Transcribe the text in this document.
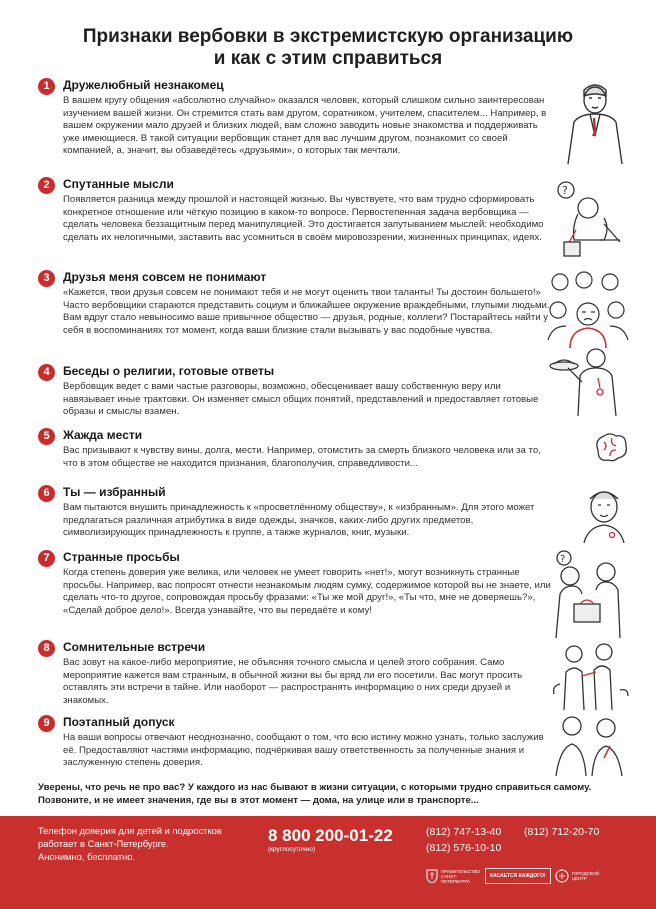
Признаки вербовки в экстремистскую организацию
и как с этим справиться
1	Дружелюбный незнакомец
В вашем кругу общения «абсолютно случайно» оказался человек, который слишком сильно заинтересован изучением вашей жизни. Он стремится стать вам другом, соратником, учителем, спасителем... Например, в вашем окружении мало друзей и близких людей, вам сложно заводить новые знакомства и поддерживать уже имеющиеся. В такой ситуации вербовщик станет для вас лучшим другом, познакомит со своей компанией, а, значит, вы обзаведётесь «друзьями», о которых так мечтали.
2	Спутанные мысли
Появляется разница между прошлой и настоящей жизнью. Вы чувствуете, что вам трудно сформировать конкретное отношение или чёткую позицию в каком-то вопросе. Первостепенная задача вербовщика — сделать человека беззащитным перед манипуляцией. Это достигается запутыванием мыслей: необходимо сделать их нелогичными, заставить вас усомниться в своём мировоззрении, жизненных принципах, идеях.
3	Друзья меня совсем не понимают
«Кажется, твои друзья совсем не понимают тебя и не могут оценить твои таланты! Ты достоин большего!» Часто вербовщики стараются представить социум и ближайшее окружение враждебными, глупыми людьми. Вам вдруг стало невыносимо ваше привычное общество — друзья, родные, коллеги? Постарайтесь найти у себя в воспоминаниях тот момент, когда ваши близкие стали вызывать у вас подобные чувства.
4	Беседы о религии, готовые ответы
Вербовщик ведет с вами частые разговоры, возможно, обесценивает вашу собственную веру или навязывает иные трактовки. Он изменяет смысл общих понятий, представлений и предоставляет готовые образы и смыслы взамен.
5	Жажда мести
Вас призывают к чувству вины, долга, мести. Например, отомстить за смерть близкого человека или за то, что в этом обществе не находится признания, благополучия, справедливости...
6	Ты — избранный
Вам пытаются внушить принадлежность к «просветлённому обществу», к «избранным». Для этого может предлагаться различная атрибутика в виде одежды, значков, каких-либо других предметов, символизирующих принадлежность к группе, а также журналов, книг, музыки.
7	Странные просьбы
Когда степень доверия уже велика, или человек не умеет говорить «нет!», могут возникнуть странные просьбы. Например, вас попросят отнести незнакомым людям сумку, содержимое которой вы не знаете, или сделать что-то другое, сопровождая просьбу фразами: «Ты же мой друг!», «Ты что, мне не доверяешь?», «Сделай доброе дело!». Всегда узнавайте, что вы передаёте и кому!
8	Сомнительные встречи
Вас зовут на какое-либо мероприятие, не объясняя точного смысла и целей этого собрания. Само мероприятие кажется вам странным, в обычной жизни вы бы вряд ли его посетили. Вас могут просить оставлять эти встречи в тайне. Или наоборот — распространять информацию о них среди друзей и знакомых.
9	Поэтапный допуск
На ваши вопросы отвечают неоднозначно, сообщают о том, что всю истину можно узнать, только заслужив её. Предоставляют частями информацию, подчёркивая вашу ответственность за полученные знания и заслуженную степень доверия.
?
?
Уверены, что речь не про вас? У каждого из нас бывают в жизни ситуации, с которыми трудно справиться самому. Позвоните, и не имеет значения, где вы в этот момент — дома, на улице или в транспорте...
Телефон доверия для детей и подростков
работает в Санкт-Петербурге.
Анонимно, бесплатно.
8 800 200-01-22
(круглосуточно)
(812) 747-13-40
(812) 576-10-10
(812) 712-20-70
ПРАВИТЕЛЬСТВО САНКТ-ПЕТЕРБУРГА
КАСАЕТСЯ КАЖДОГО!	ГОРОДСКОЙ ЦЕНТР
